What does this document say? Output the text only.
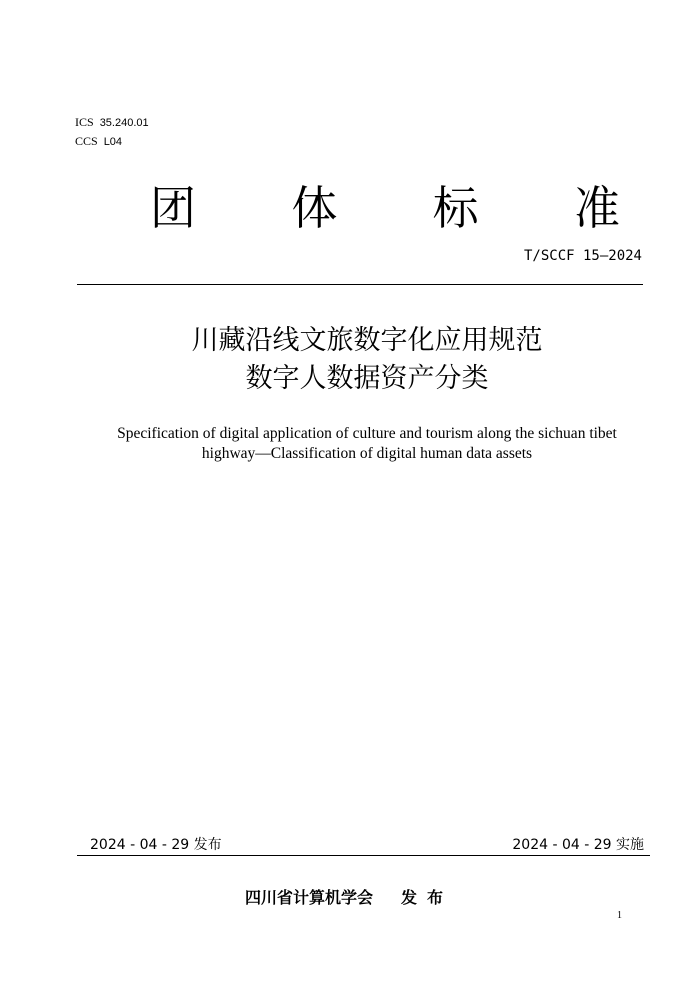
ICS 35.240.01
CCS L04
团 体 标 准
T/SCCF 15—2024
川藏沿线文旅数字化应用规范
数字人数据资产分类
Specification of digital application of culture and tourism along the sichuan tibet
highway—Classification of digital human data assets
2024 - 04 - 29 发布	2024 - 04 - 29 实施
四川省计算机学会 发布
1
